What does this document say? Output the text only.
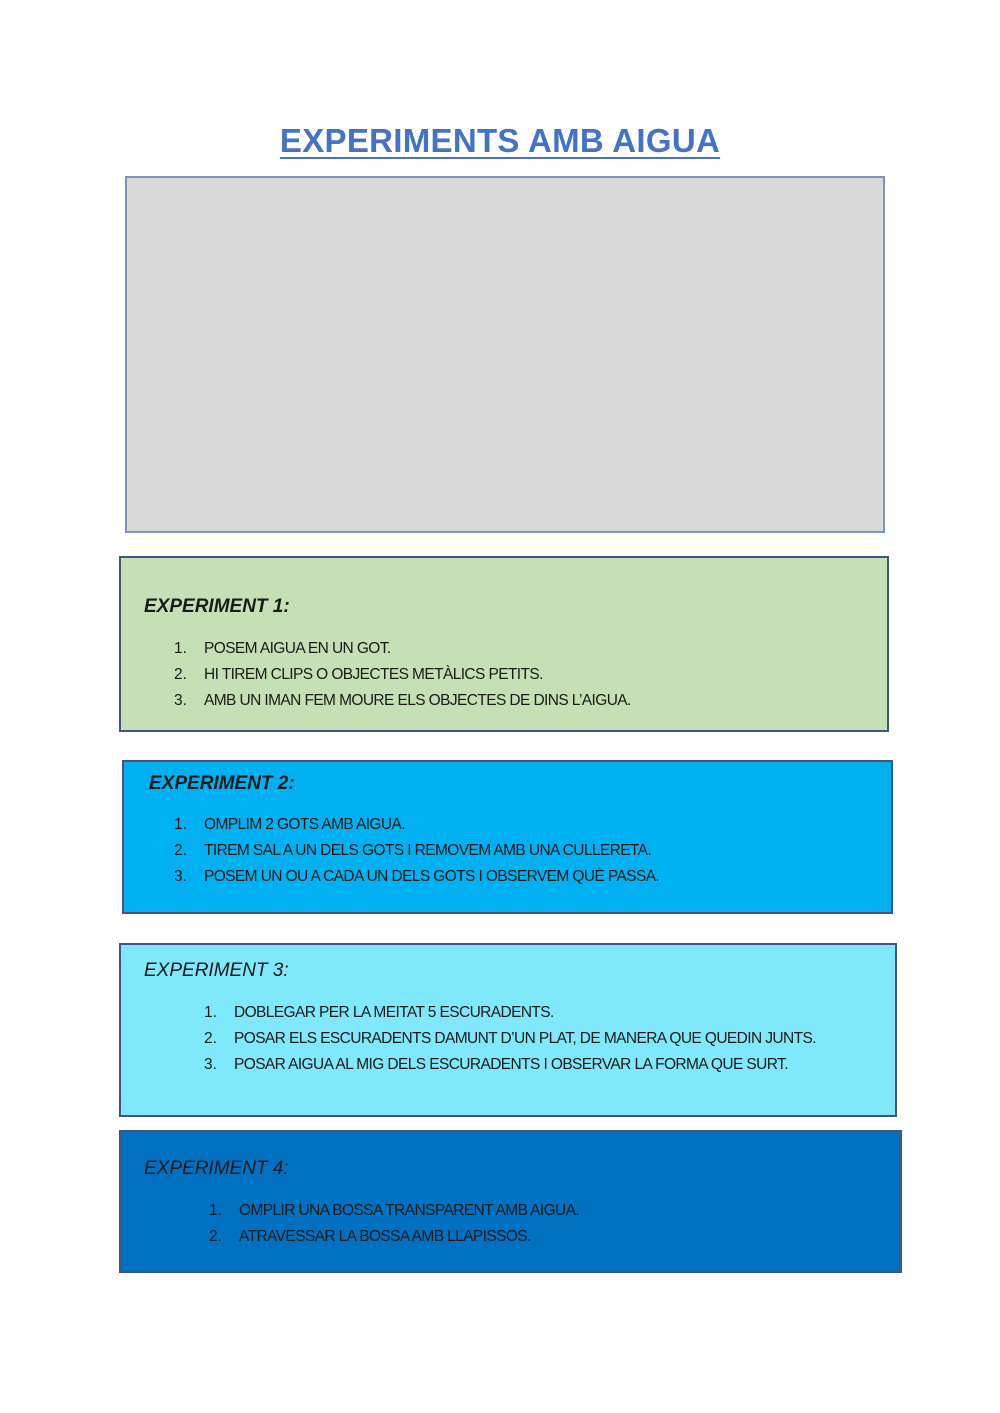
EXPERIMENTS AMB AIGUA

EXPERIMENT 1:

1.	POSEM AIGUA EN UN GOT.
2.	HI TIREM CLIPS O OBJECTES METÀLICS PETITS.
3.	AMB UN IMAN FEM MOURE ELS OBJECTES DE DINS L’AIGUA.

EXPERIMENT 2:

1.	OMPLIM 2 GOTS AMB AIGUA.
2.	TIREM SAL A UN DELS GOTS I REMOVEM AMB UNA CULLERETA.
3.	POSEM UN OU A CADA UN DELS GOTS I OBSERVEM QUÈ PASSA.

EXPERIMENT 3:

1.	DOBLEGAR PER LA MEITAT 5 ESCURADENTS.
2.	POSAR ELS ESCURADENTS DAMUNT D’UN PLAT, DE MANERA QUE QUEDIN JUNTS.
3.	POSAR AIGUA AL MIG DELS ESCURADENTS I OBSERVAR LA FORMA QUE SURT.

EXPERIMENT 4:

1.	OMPLIR UNA BOSSA TRANSPARENT AMB AIGUA.
2.	ATRAVESSAR LA BOSSA AMB LLAPISSOS.
